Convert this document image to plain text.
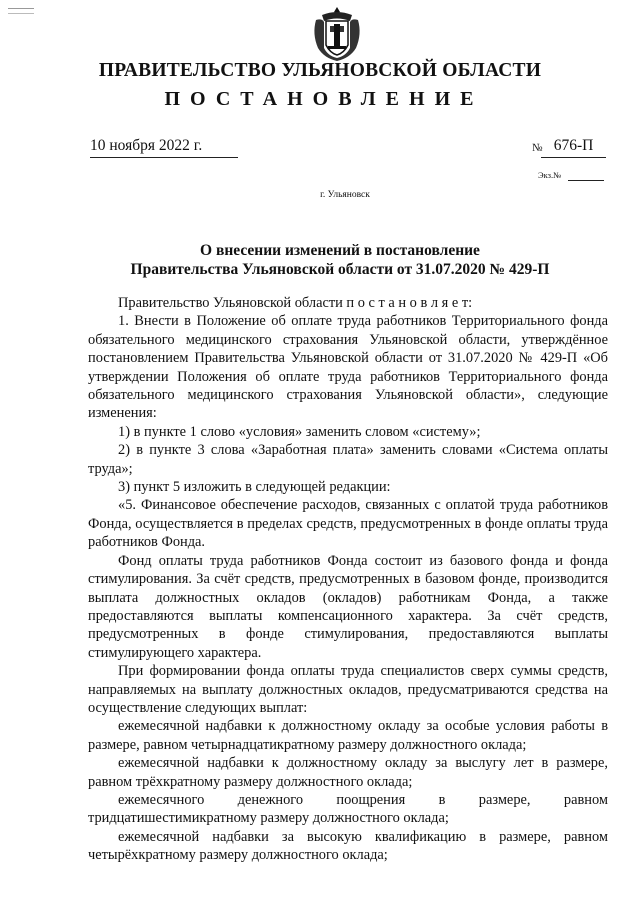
ПРАВИТЕЛЬСТВО УЛЬЯНОВСКОЙ ОБЛАСТИ
ПОСТАНОВЛЕНИЕ
10 ноября 2022 г.	№ 676-П
Экз.№
г. Ульяновск
О внесении изменений в постановление
Правительства Ульяновской области от 31.07.2020 № 429-П

Правительство Ульяновской области п о с т а н о в л я е т:

1. Внести в Положение об оплате труда работников Территориального фонда обязательного медицинского страхования Ульяновской области, утверждённое постановлением Правительства Ульяновской области от 31.07.2020 № 429-П «Об утверждении Положения об оплате труда работников Территориального фонда обязательного медицинского страхования Ульяновской области», следующие изменения:

1) в пункте 1 слово «условия» заменить словом «систему»;

2) в пункте 3 слова «Заработная плата» заменить словами «Система оплаты труда»;

3) пункт 5 изложить в следующей редакции:

«5. Финансовое обеспечение расходов, связанных с оплатой труда работников Фонда, осуществляется в пределах средств, предусмотренных в фонде оплаты труда работников Фонда.

Фонд оплаты труда работников Фонда состоит из базового фонда и фонда стимулирования. За счёт средств, предусмотренных в базовом фонде, производится выплата должностных окладов (окладов) работникам Фонда, а также предоставляются выплаты компенсационного характера. За счёт средств, предусмотренных в фонде стимулирования, предоставляются выплаты стимулирующего характера.

При формировании фонда оплаты труда специалистов сверх суммы средств, направляемых на выплату должностных окладов, предусматриваются средства на осуществление следующих выплат:

ежемесячной надбавки к должностному окладу за особые условия работы в размере, равном четырнадцатикратному размеру должностного оклада;

ежемесячной надбавки к должностному окладу за выслугу лет в размере, равном трёхкратному размеру должностного оклада;

ежемесячного денежного поощрения в размере, равном тридцатишестимикратному размеру должностного оклада;

ежемесячной надбавки за высокую квалификацию в размере, равном четырёхкратному размеру должностного оклада;
